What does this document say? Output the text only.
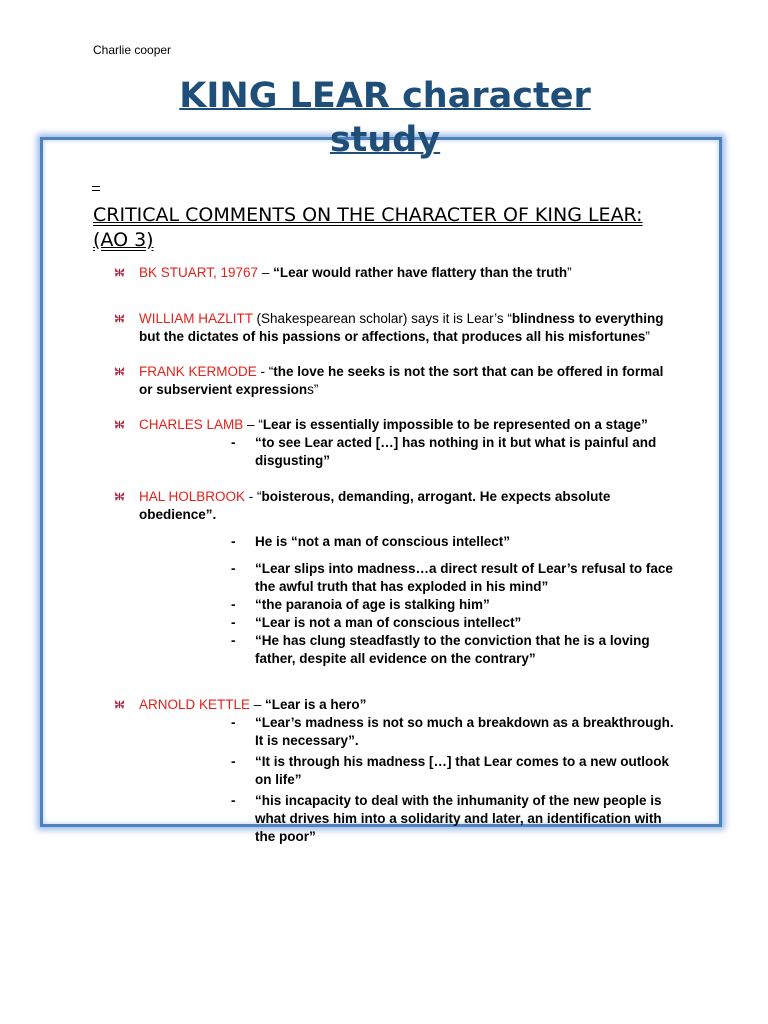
Charlie cooper
KING LEAR character study
CRITICAL COMMENTS ON THE CHARACTER OF KING LEAR: (AO 3)
BK STUART, 19767 – “Lear would rather have flattery than the truth”
WILLIAM HAZLITT (Shakespearean scholar) says it is Lear’s “blindness to everything but the dictates of his passions or affections, that produces all his misfortunes”
FRANK KERMODE - “the love he seeks is not the sort that can be offered in formal or subservient expressions”
CHARLES LAMB – “Lear is essentially impossible to be represented on a stage”
- “to see Lear acted […] has nothing in it but what is painful and disgusting”
HAL HOLBROOK - “boisterous, demanding, arrogant. He expects absolute obedience”.
- He is “not a man of conscious intellect”
- “Lear slips into madness…a direct result of Lear’s refusal to face the awful truth that has exploded in his mind”
- “the paranoia of age is stalking him”
- “Lear is not a man of conscious intellect”
- “He has clung steadfastly to the conviction that he is a loving father, despite all evidence on the contrary”
ARNOLD KETTLE – “Lear is a hero”
- “Lear’s madness is not so much a breakdown as a breakthrough. It is necessary”.
- “It is through his madness […] that Lear comes to a new outlook on life”
- “his incapacity to deal with the inhumanity of the new people is what drives him into a solidarity and later, an identification with the poor”
